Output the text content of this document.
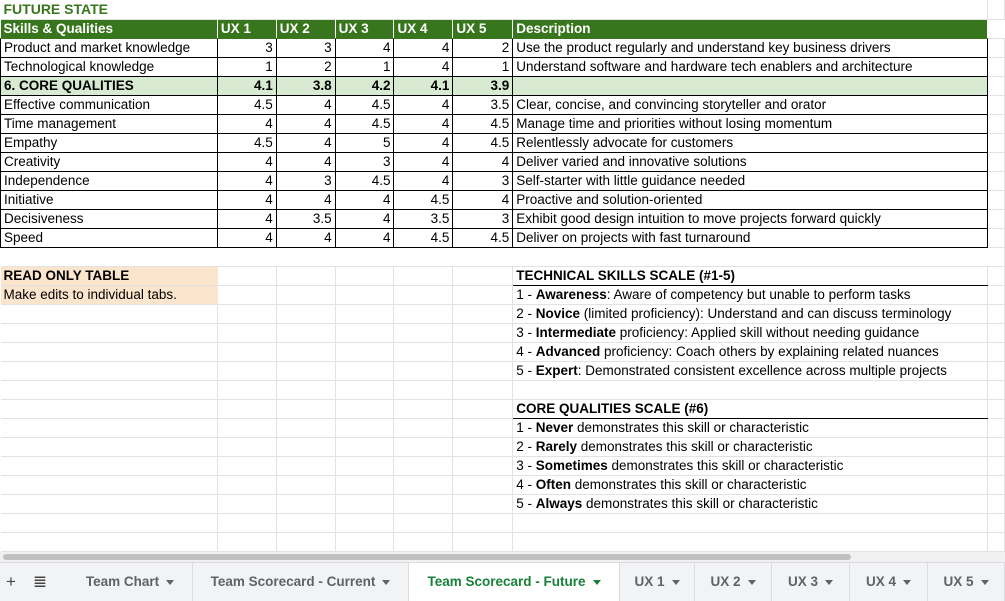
FUTURE STATE							
Skills & Qualities	UX 1	UX 2	UX 3	UX 4	UX 5	Description	
Product and market knowledge	3	3	4	4	2	Use the product regularly and understand key business drivers	
Technological knowledge	1	2	1	4	1	Understand software and hardware tech enablers and architecture	
6. CORE QUALITIES	4.1	3.8	4.2	4.1	3.9		
Effective communication	4.5	4	4.5	4	3.5	Clear, concise, and convincing storyteller and orator	
Time management	4	4	4.5	4	4.5	Manage time and priorities without losing momentum	
Empathy	4.5	4	5	4	4.5	Relentlessly advocate for customers	
Creativity	4	4	3	4	4	Deliver varied and innovative solutions	
Independence	4	3	4.5	4	3	Self-starter with little guidance needed	
Initiative	4	4	4	4.5	4	Proactive and solution-oriented	
Decisiveness	4	3.5	4	3.5	3	Exhibit good design intuition to move projects forward quickly	
Speed	4	4	4	4.5	4.5	Deliver on projects with fast turnaround	

READ ONLY TABLE						TECHNICAL SKILLS SCALE (#1-5)	
Make edits to individual tabs.						1 - Awareness: Aware of competency but unable to perform tasks	
						2 - Novice (limited proficiency): Understand and can discuss terminology	
						3 - Intermediate proficiency: Applied skill without needing guidance	
						4 - Advanced proficiency: Coach others by explaining related nuances	
						5 - Expert: Demonstrated consistent excellence across multiple projects	

						CORE QUALITIES SCALE (#6)	
						1 - Never demonstrates this skill or characteristic	
						2 - Rarely demonstrates this skill or characteristic	
						3 - Sometimes demonstrates this skill or characteristic	
						4 - Often demonstrates this skill or characteristic	
						5 - Always demonstrates this skill or characteristic	

+ ≣	Team Chart	Team Scorecard - Current	Team Scorecard - Future	UX 1	UX 2	UX 3	UX 4	UX 5
